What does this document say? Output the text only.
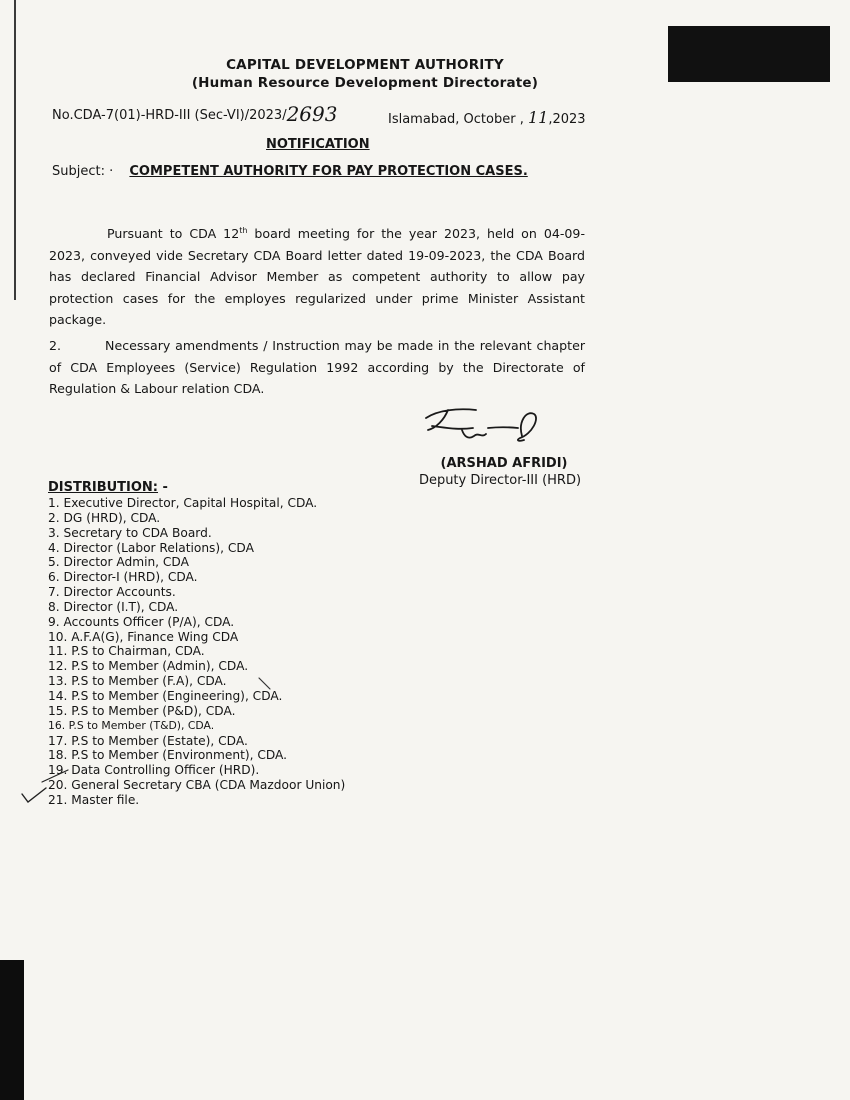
CAPITAL DEVELOPMENT AUTHORITY
(Human Resource Development Directorate)
No.CDA-7(01)-HRD-III (Sec-VI)/2023/2693	Islamabad, October , 11,2023
NOTIFICATION
Subject: · COMPETENT AUTHORITY FOR PAY PROTECTION CASES.
Pursuant to CDA 12th board meeting for the year 2023, held on 04-09-2023, conveyed vide Secretary CDA Board letter dated 19-09-2023, the CDA Board has declared Financial Advisor Member as competent authority to allow pay protection cases for the employes regularized under prime Minister Assistant package.
2.	Necessary amendments / Instruction may be made in the relevant chapter of CDA Employees (Service) Regulation 1992 according by the Directorate of Regulation & Labour relation CDA.
(ARSHAD AFRIDI)
Deputy Director-III (HRD)
DISTRIBUTION: -
1. Executive Director, Capital Hospital, CDA.
2. DG (HRD), CDA.
3. Secretary to CDA Board.
4. Director (Labor Relations), CDA
5. Director Admin, CDA
6. Director-I (HRD), CDA.
7. Director Accounts.
8. Director (I.T), CDA.
9. Accounts Officer (P/A), CDA.
10. A.F.A(G), Finance Wing CDA
11. P.S to Chairman, CDA.
12. P.S to Member (Admin), CDA.
13. P.S to Member (F.A), CDA.
14. P.S to Member (Engineering), CDA.
15. P.S to Member (P&D), CDA.
16. P.S to Member (T&D), CDA.
17. P.S to Member (Estate), CDA.
18. P.S to Member (Environment), CDA.
19. Data Controlling Officer (HRD).
20. General Secretary CBA (CDA Mazdoor Union)
21. Master file.
